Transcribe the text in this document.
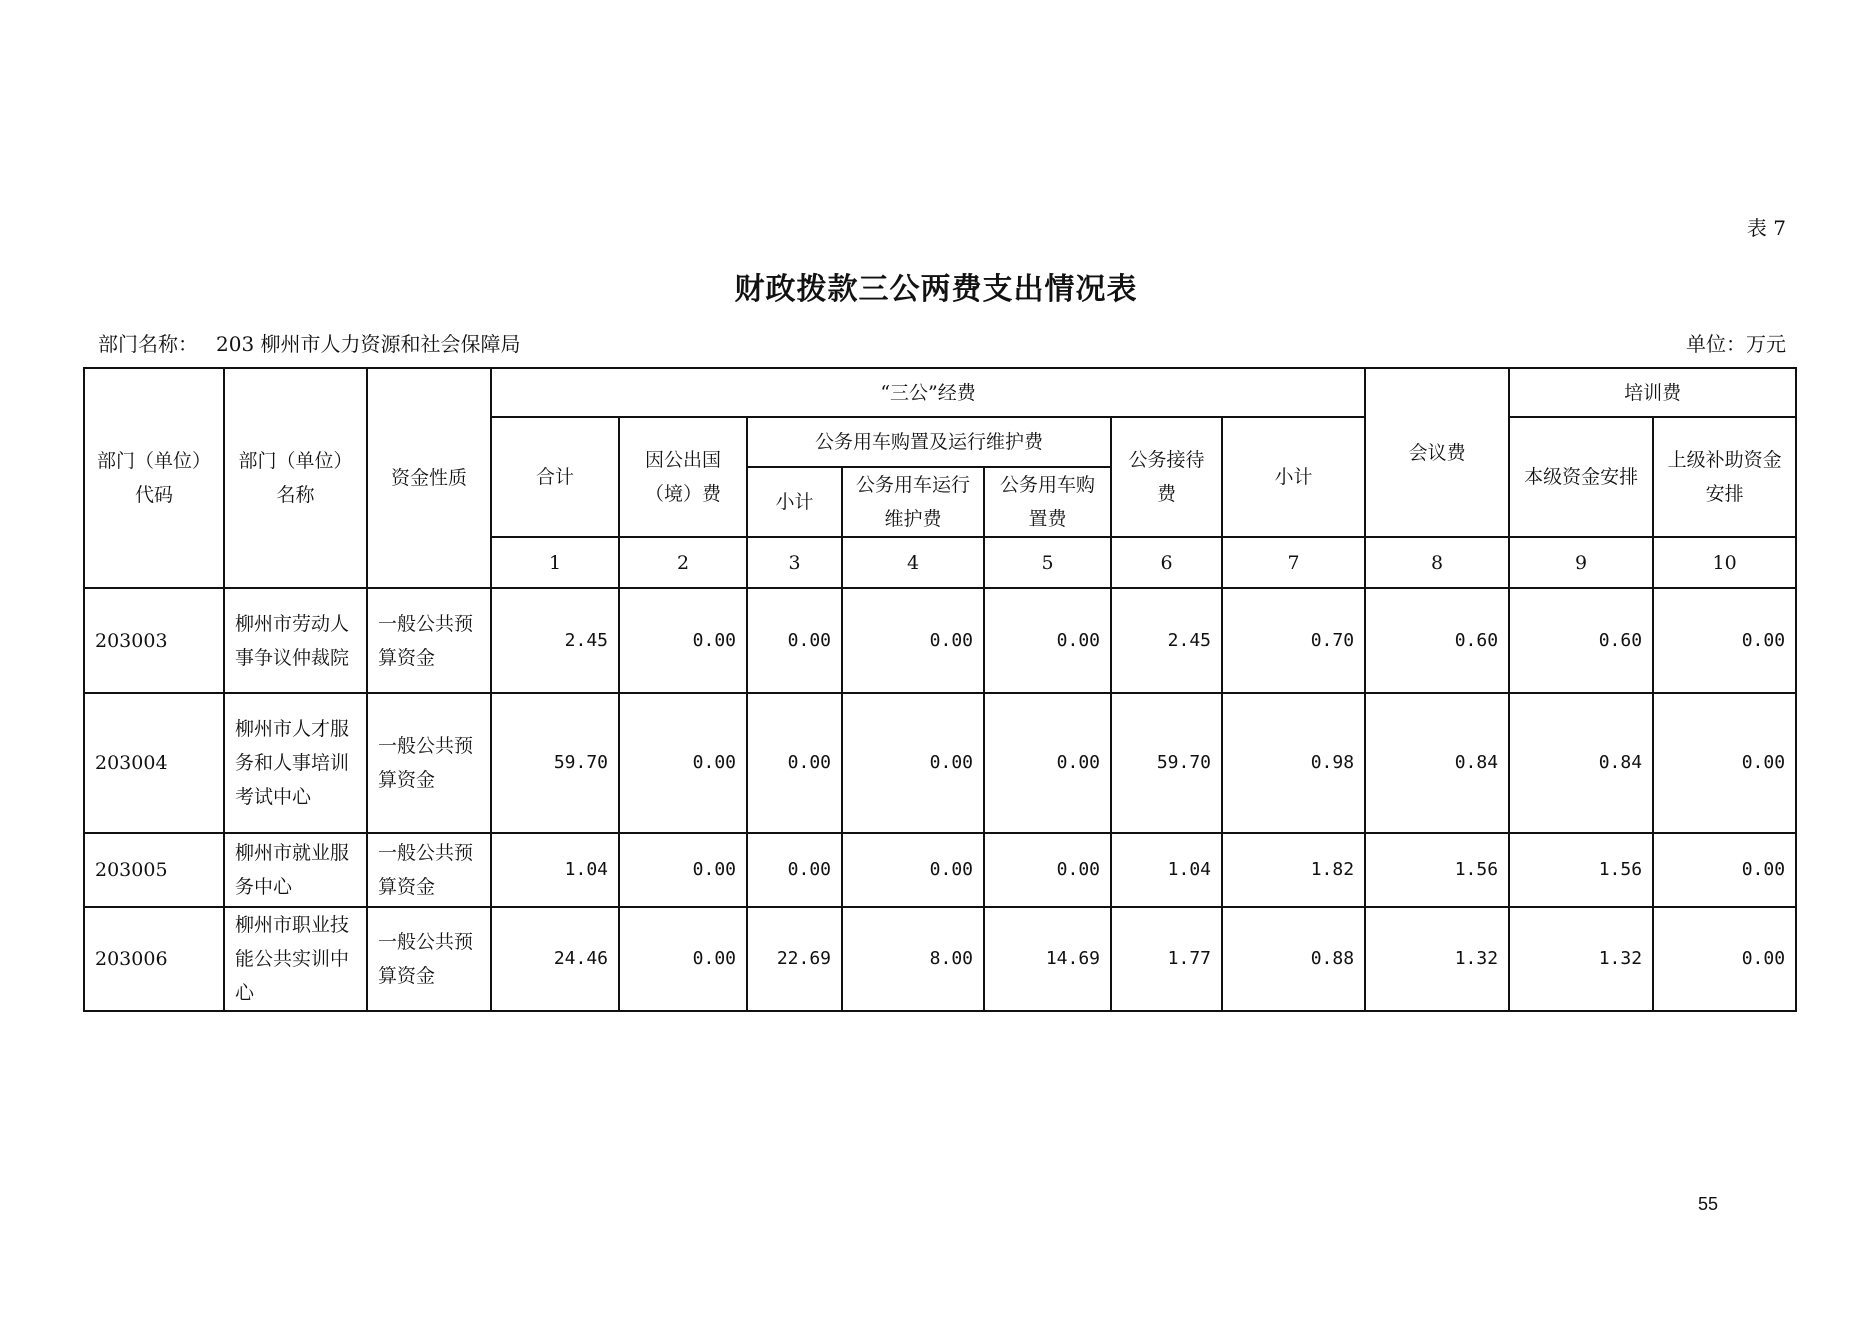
表 7
财政拨款三公两费支出情况表
部门名称： 203 柳州市人力资源和社会保障局	单位：万元
部门（单位）代码	部门（单位）名称	资金性质	“三公”经费							会议费	培训费	
			合计	因公出国（境）费	公务用车购置及运行维护费			公务接待费	小计		本级资金安排	上级补助资金安排
					小计	公务用车运行维护费	公务用车购置费					
			1	2	3	4	5	6	7	8	9	10
203003	柳州市劳动人事争议仲裁院	一般公共预算资金	2.45	0.00	0.00	0.00	0.00	2.45	0.70	0.60	0.60	0.00
203004	柳州市人才服务和人事培训考试中心	一般公共预算资金	59.70	0.00	0.00	0.00	0.00	59.70	0.98	0.84	0.84	0.00
203005	柳州市就业服务中心	一般公共预算资金	1.04	0.00	0.00	0.00	0.00	1.04	1.82	1.56	1.56	0.00
203006	柳州市职业技能公共实训中心	一般公共预算资金	24.46	0.00	22.69	8.00	14.69	1.77	0.88	1.32	1.32	0.00
55
